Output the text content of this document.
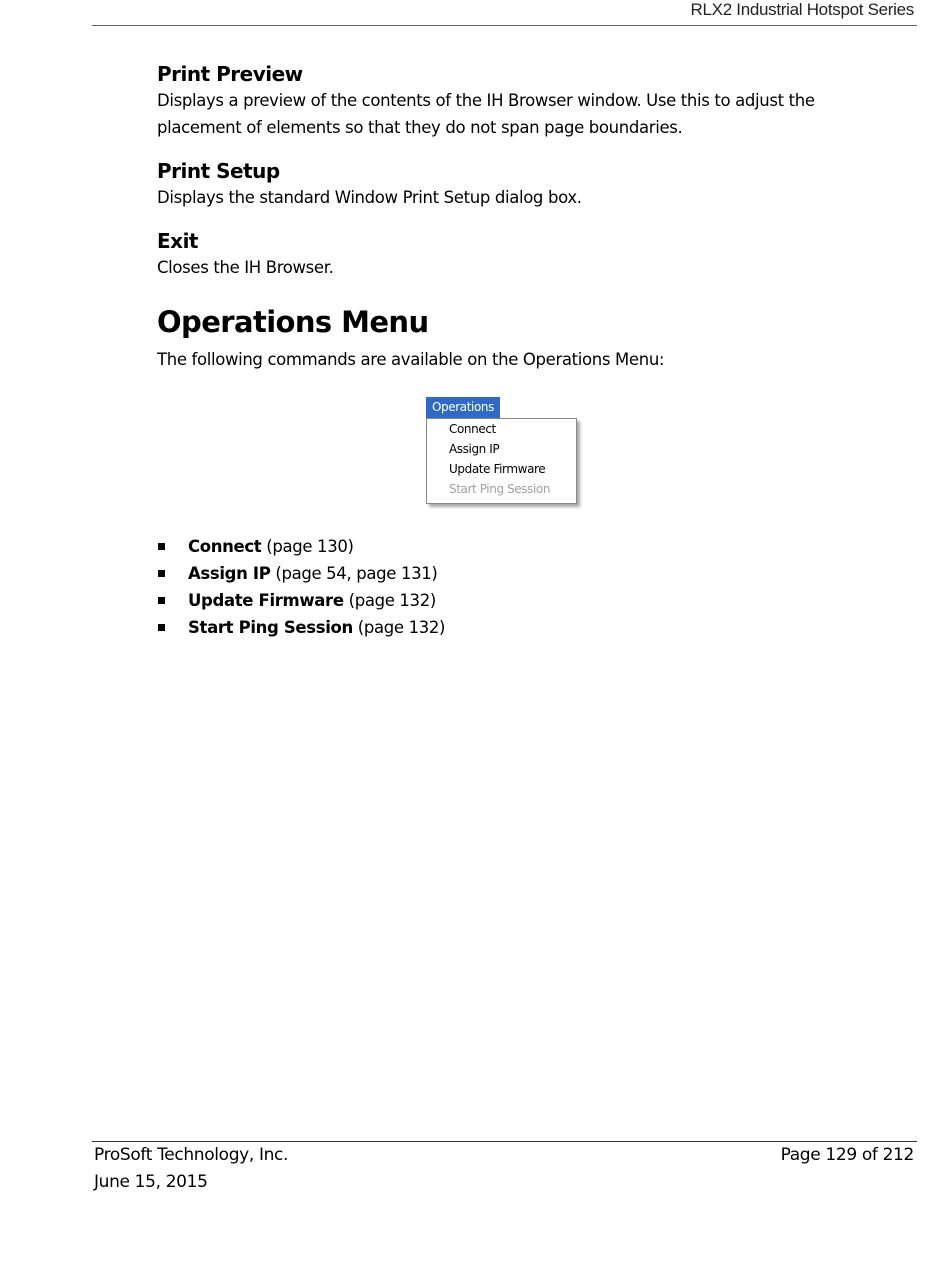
RLX2 Industrial Hotspot Series
Print Preview

Displays a preview of the contents of the IH Browser window. Use this to adjust the placement of elements so that they do not span page boundaries.

Print Setup

Displays the standard Window Print Setup dialog box.

Exit

Closes the IH Browser.

Operations Menu

The following commands are available on the Operations Menu:

Connect (page 130)
Assign IP (page 54, page 131)
Update Firmware (page 132)
Start Ping Session (page 132)
Operations
Connect
Assign IP
Update Firmware
Start Ping Session
ProSoft Technology, Inc.
June 15, 2015
Page 129 of 212
